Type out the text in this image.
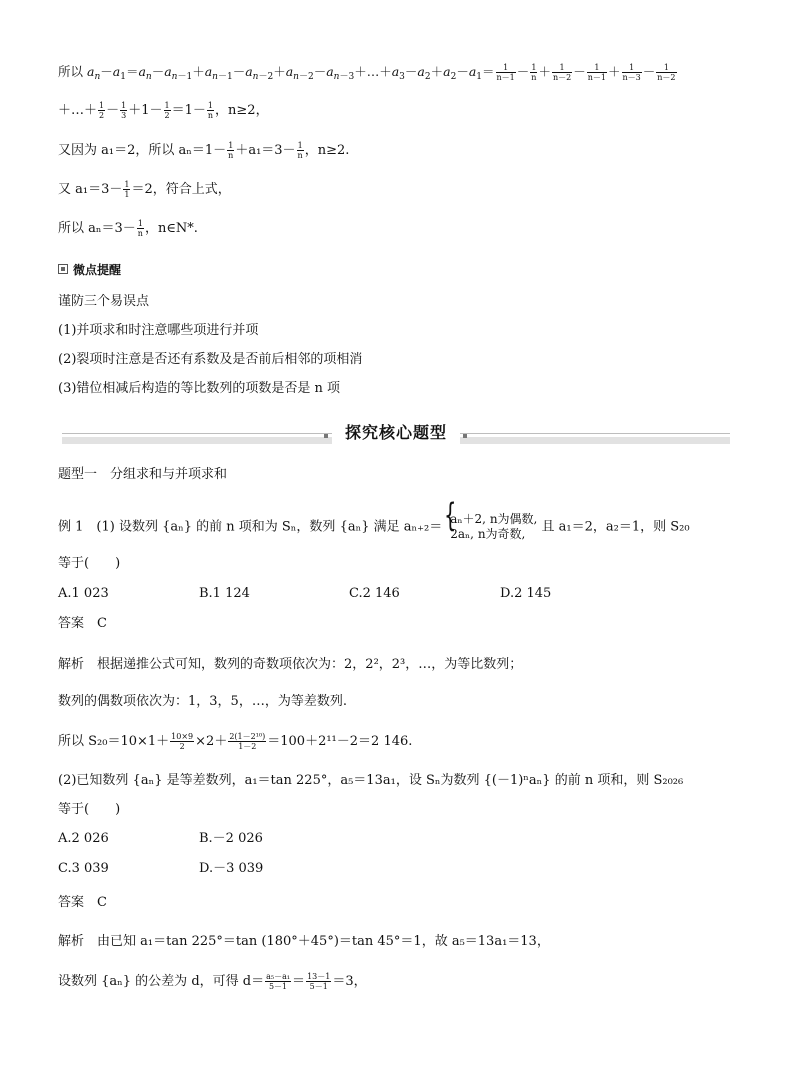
所以 $a_n-a_1=a_n-a_{n-1}+a_{n-1}-a_{n-2}+a_{n-2}-a_{n-3}+\dots+a_3-a_2+a_2-a_1= \frac{1}{n-1} - \frac{1}{n} + \frac{1}{n-2} - \frac{1}{n-1} + \frac{1}{n-3} - \frac{1}{n-2}$
＋…＋ $\frac{1}{2} - \frac{1}{3} +1- \frac{1}{2} =1- \frac{1}{n}$ ，n≥2，
又因为 a₁＝2，所以 $a_n=1- \frac{1}{n} +a_1=3- \frac{1}{n}$ ，n≥2.
又 $a_1=3- \frac{1}{1} =2$，符合上式，
所以 $a_n=3- \frac{1}{n}$ ，n∈N*.
微点提醒
谨防三个易误点
(1)并项求和时注意哪些项进行并项
(2)裂项时注意是否还有系数及是否前后相邻的项相消
(3)错位相减后构造的等比数列的项数是否是 n 项
探究核心题型
题型一　分组求和与并项求和
例 1　(1) 设数列 {aₙ} 的前 n 项和为 Sₙ，数列 {aₙ} 满足 aₙ₊₂＝
{ aₙ＋2, n为偶数,
2aₙ, n为奇数,	且 a₁＝2，a₂＝1，则 S₂₀
等于(　　)
A.1 023	B.1 124	C.2 146	D.2 145
答案　 C
解析　 根据递推公式可知，数列的奇数项依次为：2，2²，2³，…，为等比数列；
数列的偶数项依次为：1，3，5，…，为等差数列.
所以 $S_{20}=10\times 1+ \frac{10\times 9}{2} \times 2+ \frac{\text{2(1－2¹⁰)}}{1-2} =100+2^{11}-2=2$ 146.
(2)已知数列 {aₙ} 是等差数列，a₁＝tan 225°，a₅＝13a₁，设 Sₙ为数列 {(－1)ⁿaₙ} 的前 n 项和，则 S₂₀₂₆
等于(　　)
A.2 026	B.－2 026
C.3 039	D.－3 039
答案　 C
解析　 由已知 a₁＝tan 225°＝tan (180°＋45°)＝tan 45°＝1，故 a₅＝13a₁＝13，
设数列 {aₙ} 的公差为 d，可得 $d= \frac{\text{a₅－a₁}}{5-1} = \frac{13-1}{5-1} =3$，
